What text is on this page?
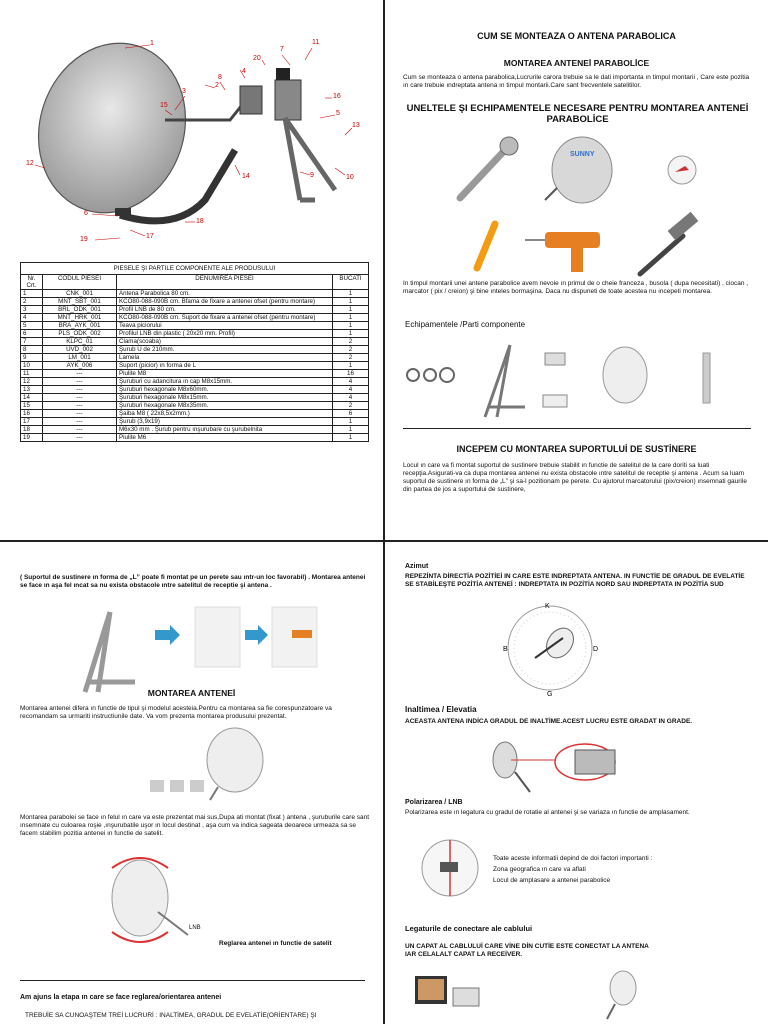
1
2
3
4
5
6
7
8
9	10
11
12
13
14
15
16
17
18
19
20
PIESELE ŞI PARTILE COMPONENTE ALE PRODUSULUI			
Nr. Crt.	CODUL PIESEI	DENUMIREA PIESEI	BUCATI
1	CNK_001	Antena Parabolica 80 cm.	1
2	MNT_SBT_001	KCO80-088-090B cm. Bfama de fixare a antenei ofset (pentru montare)	1
3	BRL_ODK_001	Profil LNB de 80 cm.	1
4	MNT_HRK_001	KCO80-088-090B cm. Suport de fixare a antenei ofset (pentru montare)	1
5	BRA_AYK_001	Teava piciorului	1
6	PLS_ODK_002	Profilul LNB din plastic ( 20x20 mm. Profil)	1
7	KLPC_01	Clama(scoaba)	2
8	UVD_002	Şurub U de 210mm.	2
9	LM_001	Lamela	2
10	AYK_006	Suport (picior) ın forma de L	1
11	---	Piulite M8	16
12	---	Şuruburi cu adancitura ın cap M8x15mm.	4
13	---	Şuruburi hexagonale M8x60mm.	4
14	---	Şuruburi hexagonale M8x15mm.	4
15	---	Şuruburi hexagonale M8x35mm.	2
16	---	Şaiba M8 ( 22x8,5x2mm.)	6
17	---	Şurub (3,9x19)	1
18	---	M6x30 mm . Şurub pentru ınşurubare cu şurubelnita	1
19	---	Piulite M6	1
CUM SE MONTEAZA O ANTENA PARABOLICA
MONTAREA ANTENEİ PARABOLİCE
Cum se monteaza o antena parabolica,Lucrurile carora trebuie sa le dati importanta ın timpul montarii , Care este pozitia ın care trebuie ındreptata antena ın timpul montarii.Care sant frecventele satelitilor.
UNELTELE ŞI ECHIPAMENTELE NECESARE PENTRU MONTAREA ANTENEİ PARABOLİCE
SUNNY
In timpul montarii unei antene parabolice avem nevoie ın primul de o cheie franceza , busola ( dupa necesitati) , ciocan , marcator ( pix / creion) şi bine ınteles bormaşina. Daca nu dispuneti de toate acestea nu ıncepeti montarea.
Echipamentele /Parti componente
INCEPEM CU MONTAREA SUPORTULUİ DE SUSTİNERE
Locul ın care va fi montat suportul de sustinere trebuie stabilit ın functie de satelitul de la care doriti sa luati recepţia.Asigurati-va ca dupa montarea antenei nu exista obstacole ıntre satelitul de receptie şi antena . Acum sa luam suportul de sustinere ın forma de „L” şi sa-l pozitionam pe perete. Cu ajutorul marcatorului (pix/creion) ınsemnati gaurile din partea de jos a suportului de sustinere,
( Suportul de sustinere ın forma de „L” poate fi montat pe un perete sau ıntr-un loc favorabil) . Montarea antenei se face ın aşa fel ıncat sa nu exista obstacole ıntre satelitul de receptie şi antena .
MONTAREA ANTENEİ
Montarea antenei difera ın functie de tipul şi modelul acesteia.Pentru ca montarea sa fie corespunzatoare va recomandam sa urmariti instructiunile date. Va vom prezenta montarea produsului prezentat.
Montarea parabolei se face ın felul ın care va este prezentat mai sus,Dupa ati montat (fixat ) antena , şuruburile care sant ınsemnate cu culoarea roşie ,ınşurubatile uşor ın locul destinat , aşa cum va indica sageata deoarece urmeaza sa se facem stabilim pozitia antenei ın functie de satelit.
LNB
Reglarea antenei ın functie de satelit
Am ajuns la etapa ın care se face reglarea/orientarea antenei
TREBUİE SA CUNOAŞTEM TREİ LUCRURİ : INALTİMEA, GRADUL DE EVELATİE(ORİENTARE) ŞI
Azimut
REPEZİNTA DİRECTİA POZİTİEİ IN CARE ESTE INDREPTATA ANTENA. IN FUNCTİE DE GRADUL DE EVELATİE SE STABİLEŞTE POZİTİA ANTENEİ : INDREPTATA IN POZİTİA NORD SAU INDREPTATA IN POZİTİA SUD
K
D
G
B
Inaltimea / Elevatia
ACEASTA ANTENA INDİCA GRADUL DE INALTİME.ACEST LUCRU ESTE GRADAT IN GRADE.
Polarizarea / LNB
Polarizarea este ın legatura cu gradul de rotatie al antenei şi se variaza ın functie de amplasament.
Toate aceste informatii depind de doi factori importanti :
Zona geografica ın care va aflati
Locul de amplasare a antenei parabolice
Legaturile de conectare ale cablului
UN CAPAT AL CABLULUİ CARE VİNE DİN CUTİE ESTE CONECTAT LA ANTENA
IAR CELALALT CAPAT LA RECEİVER.
